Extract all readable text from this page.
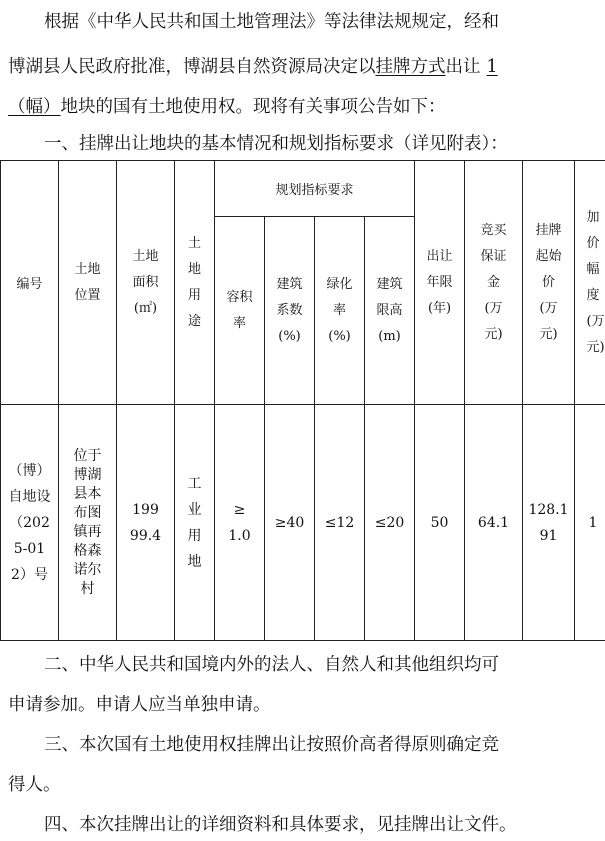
根据《中华人民共和国土地管理法》等法律法规规定，经和
博湖县人民政府批准，博湖县自然资源局决定以挂牌方式出让 1
（幅）地块的国有土地使用权。现将有关事项公告如下：
一、挂牌出让地块的基本情况和规划指标要求（详见附表）：
编号	土地位置	土地面积(㎡)	土地用途	规划指标要求				出让年限(年)	竞买保证金(万元)	挂牌起始价(万元)	加价幅度(万元)
				容积率	建筑系数(%)	绿化率(%)	建筑限高(m)				
（博）自地设（2025-012）号	位于博湖县本布图镇再格森诺尔村	19999.4	工业用地	≥1.0	≥40	≤12	≤20	50	64.1	128.191	1
二、中华人民共和国境内外的法人、自然人和其他组织均可
申请参加。申请人应当单独申请。
三、本次国有土地使用权挂牌出让按照价高者得原则确定竞
得人。
四、本次挂牌出让的详细资料和具体要求，见挂牌出让文件。
